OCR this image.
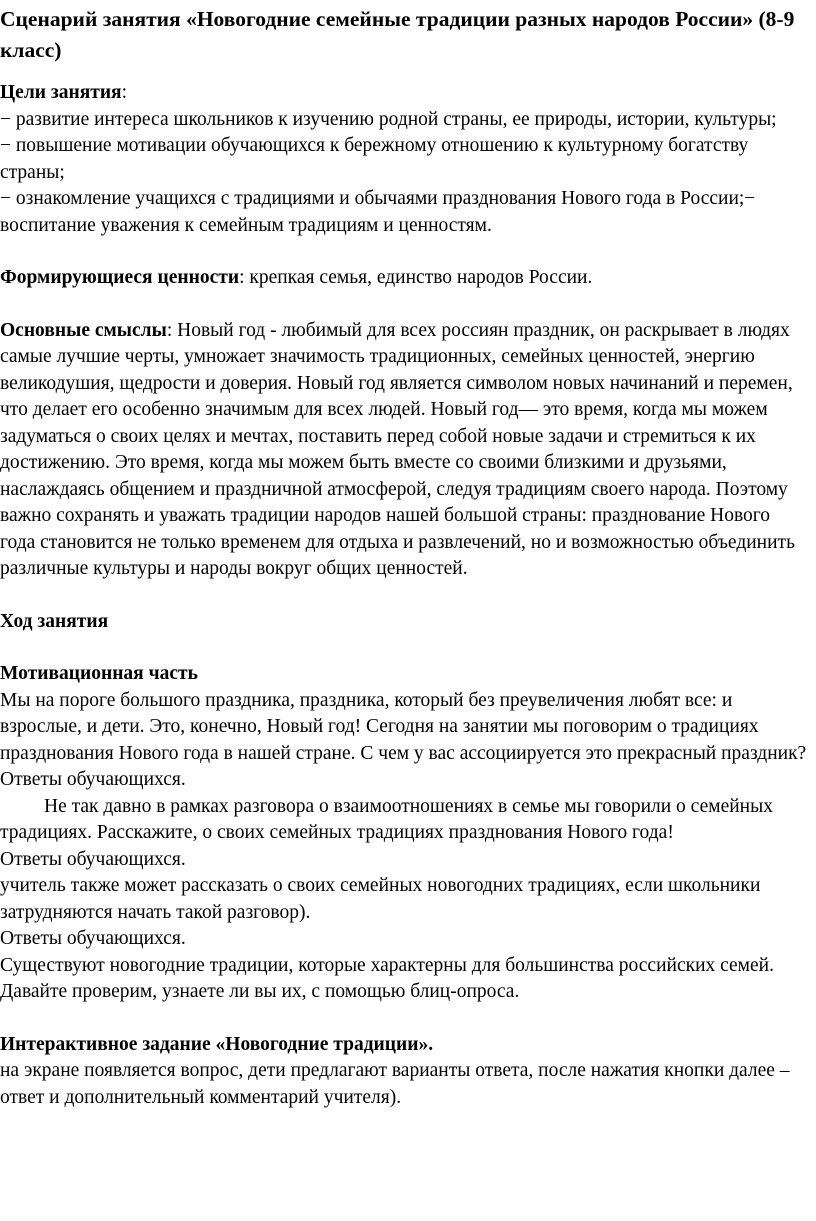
Сценарий занятия «Новогодние семейные традиции разных народов России» (8-9 класс)

Цели занятия:

− развитие интереса школьников к изучению родной страны, ее природы, истории, культуры;

− повышение мотивации обучающихся к бережному отношению к культурному богатству страны;

− ознакомление учащихся с традициями и обычаями празднования Нового года в России;− воспитание уважения к семейным традициям и ценностям.

Формирующиеся ценности: крепкая семья, единство народов России.

Основные смыслы: Новый год - любимый для всех россиян праздник, он раскрывает в людях самые лучшие черты, умножает значимость традиционных, семейных ценностей, энергию великодушия, щедрости и доверия. Новый год является символом новых начинаний и перемен, что делает его особенно значимым для всех людей. Новый год— это время, когда мы можем задуматься о своих целях и мечтах, поставить перед собой новые задачи и стремиться к их достижению. Это время, когда мы можем быть вместе со своими близкими и друзьями, наслаждаясь общением и праздничной атмосферой, следуя традициям своего народа. Поэтому важно сохранять и уважать традиции народов нашей большой страны: празднование Нового года становится не только временем для отдыха и развлечений, но и возможностью объединить различные культуры и народы вокруг общих ценностей.

Ход занятия

Мотивационная часть

Мы на пороге большого праздника, праздника, который без преувеличения любят все: и взрослые, и дети. Это, конечно, Новый год! Сегодня на занятии мы поговорим о традициях празднования Нового года в нашей стране. С чем у вас ассоциируется это прекрасный праздник?

Ответы обучающихся.

Не так давно в рамках разговора о взаимоотношениях в семье мы говорили о семейных традициях. Расскажите, о своих семейных традициях празднования Нового года!

Ответы обучающихся.

учитель также может рассказать о своих семейных новогодних традициях, если школьники затрудняются начать такой разговор).

Ответы обучающихся.

Существуют новогодние традиции, которые характерны для большинства российских семей. Давайте проверим, узнаете ли вы их, с помощью блиц-опроса.

Интерактивное задание «Новогодние традиции».

на экране появляется вопрос, дети предлагают варианты ответа, после нажатия кнопки далее – ответ и дополнительный комментарий учителя).
